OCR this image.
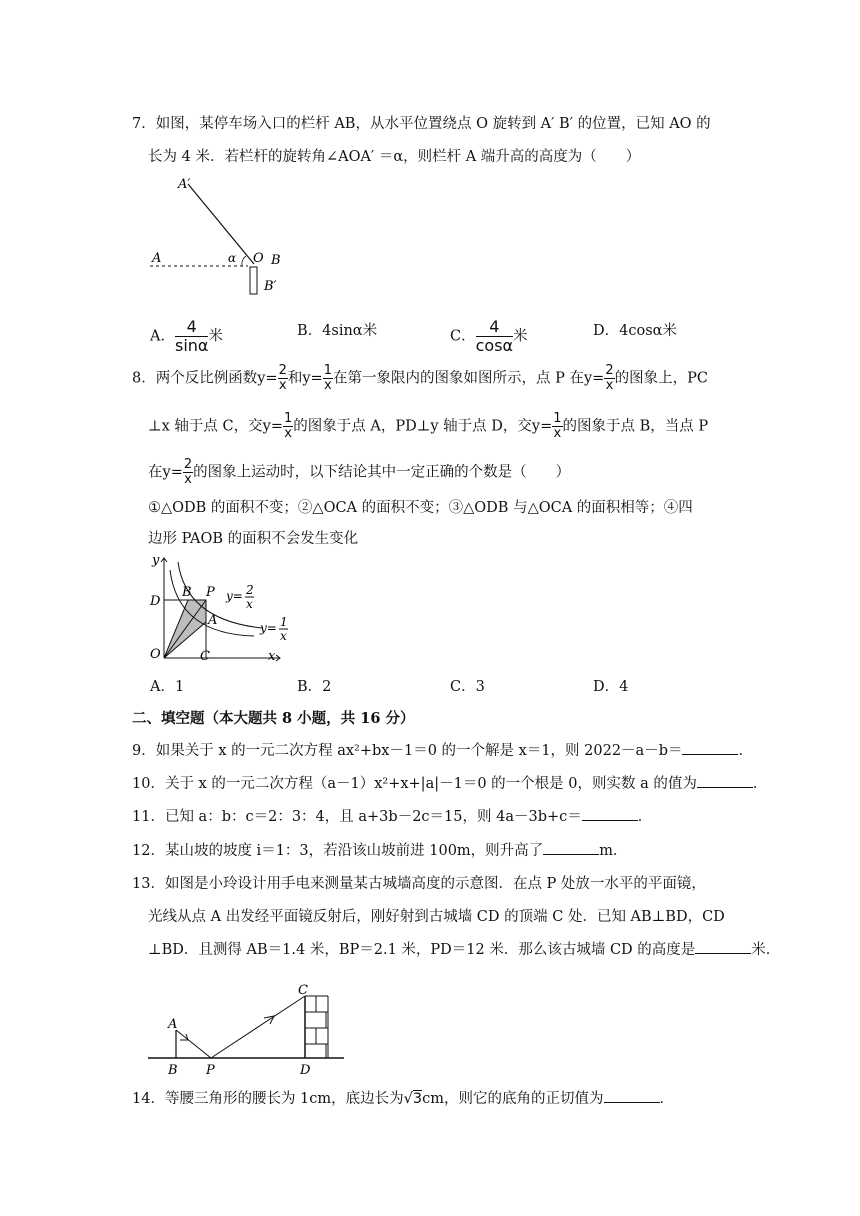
7．如图，某停车场入口的栏杆 AB，从水平位置绕点 O 旋转到 A′ B′ 的位置，已知 AO 的
长为 4 米．若栏杆的旋转角∠AOA′ ＝α，则栏杆 A 端升高的高度为（　　）
A′
A	α O B
B′
A． $\frac{4}{\sin\alpha}$ 米	B．4sinα米	C． $\frac{4}{\cos\alpha}$ 米	D．4cosα米
8．两个反比例函数$y= \frac{2}{x}$ 和$y= \frac{1}{x}$ 在第一象限内的图象如图所示，点 P 在$y= \frac{2}{x}$ 的图象上，PC
⊥x 轴于点 C，交$y= \frac{1}{x}$ 的图象于点 A，PD⊥y 轴于点 D，交$y= \frac{1}{x}$ 的图象于点 B，当点 P
在$y= \frac{2}{x}$ 的图象上运动时，以下结论其中一定正确的个数是（　　）
①△ODB 的面积不变；②△OCA 的面积不变；③△ODB 与△OCA 的面积相等；④四
边形 PAOB 的面积不会发生变化
y
x
D
B P
A
O	C
y= 2
x
y= 1
x
A．1	B．2	C．3	D．4
二、填空题（本大题共 8 小题，共 16 分）
9．如果关于 x 的一元二次方程 ax²+bx－1＝0 的一个解是 x＝1，则 2022－a－b＝	．
10．关于 x 的一元二次方程（a－1）x²+x+|a|－1＝0 的一个根是 0，则实数 a 的值为	．
11．已知 a：b：c＝2：3：4，且 a+3b－2c＝15，则 4a－3b+c＝	．
12．某山坡的坡度 i＝1：3，若沿该山坡前进 100m，则升高了	m．
13．如图是小玲设计用手电来测量某古城墙高度的示意图．在点 P 处放一水平的平面镜，
光线从点 A 出发经平面镜反射后，刚好射到古城墙 CD 的顶端 C 处．已知 AB⊥BD，CD
⊥BD．且测得 AB＝1.4 米，BP＝2.1 米，PD＝12 米．那么该古城墙 CD 的高度是	米．
A
B P
C
D
14．等腰三角形的腰长为 1cm，底边长为√3cm，则它的底角的正切值为	．
